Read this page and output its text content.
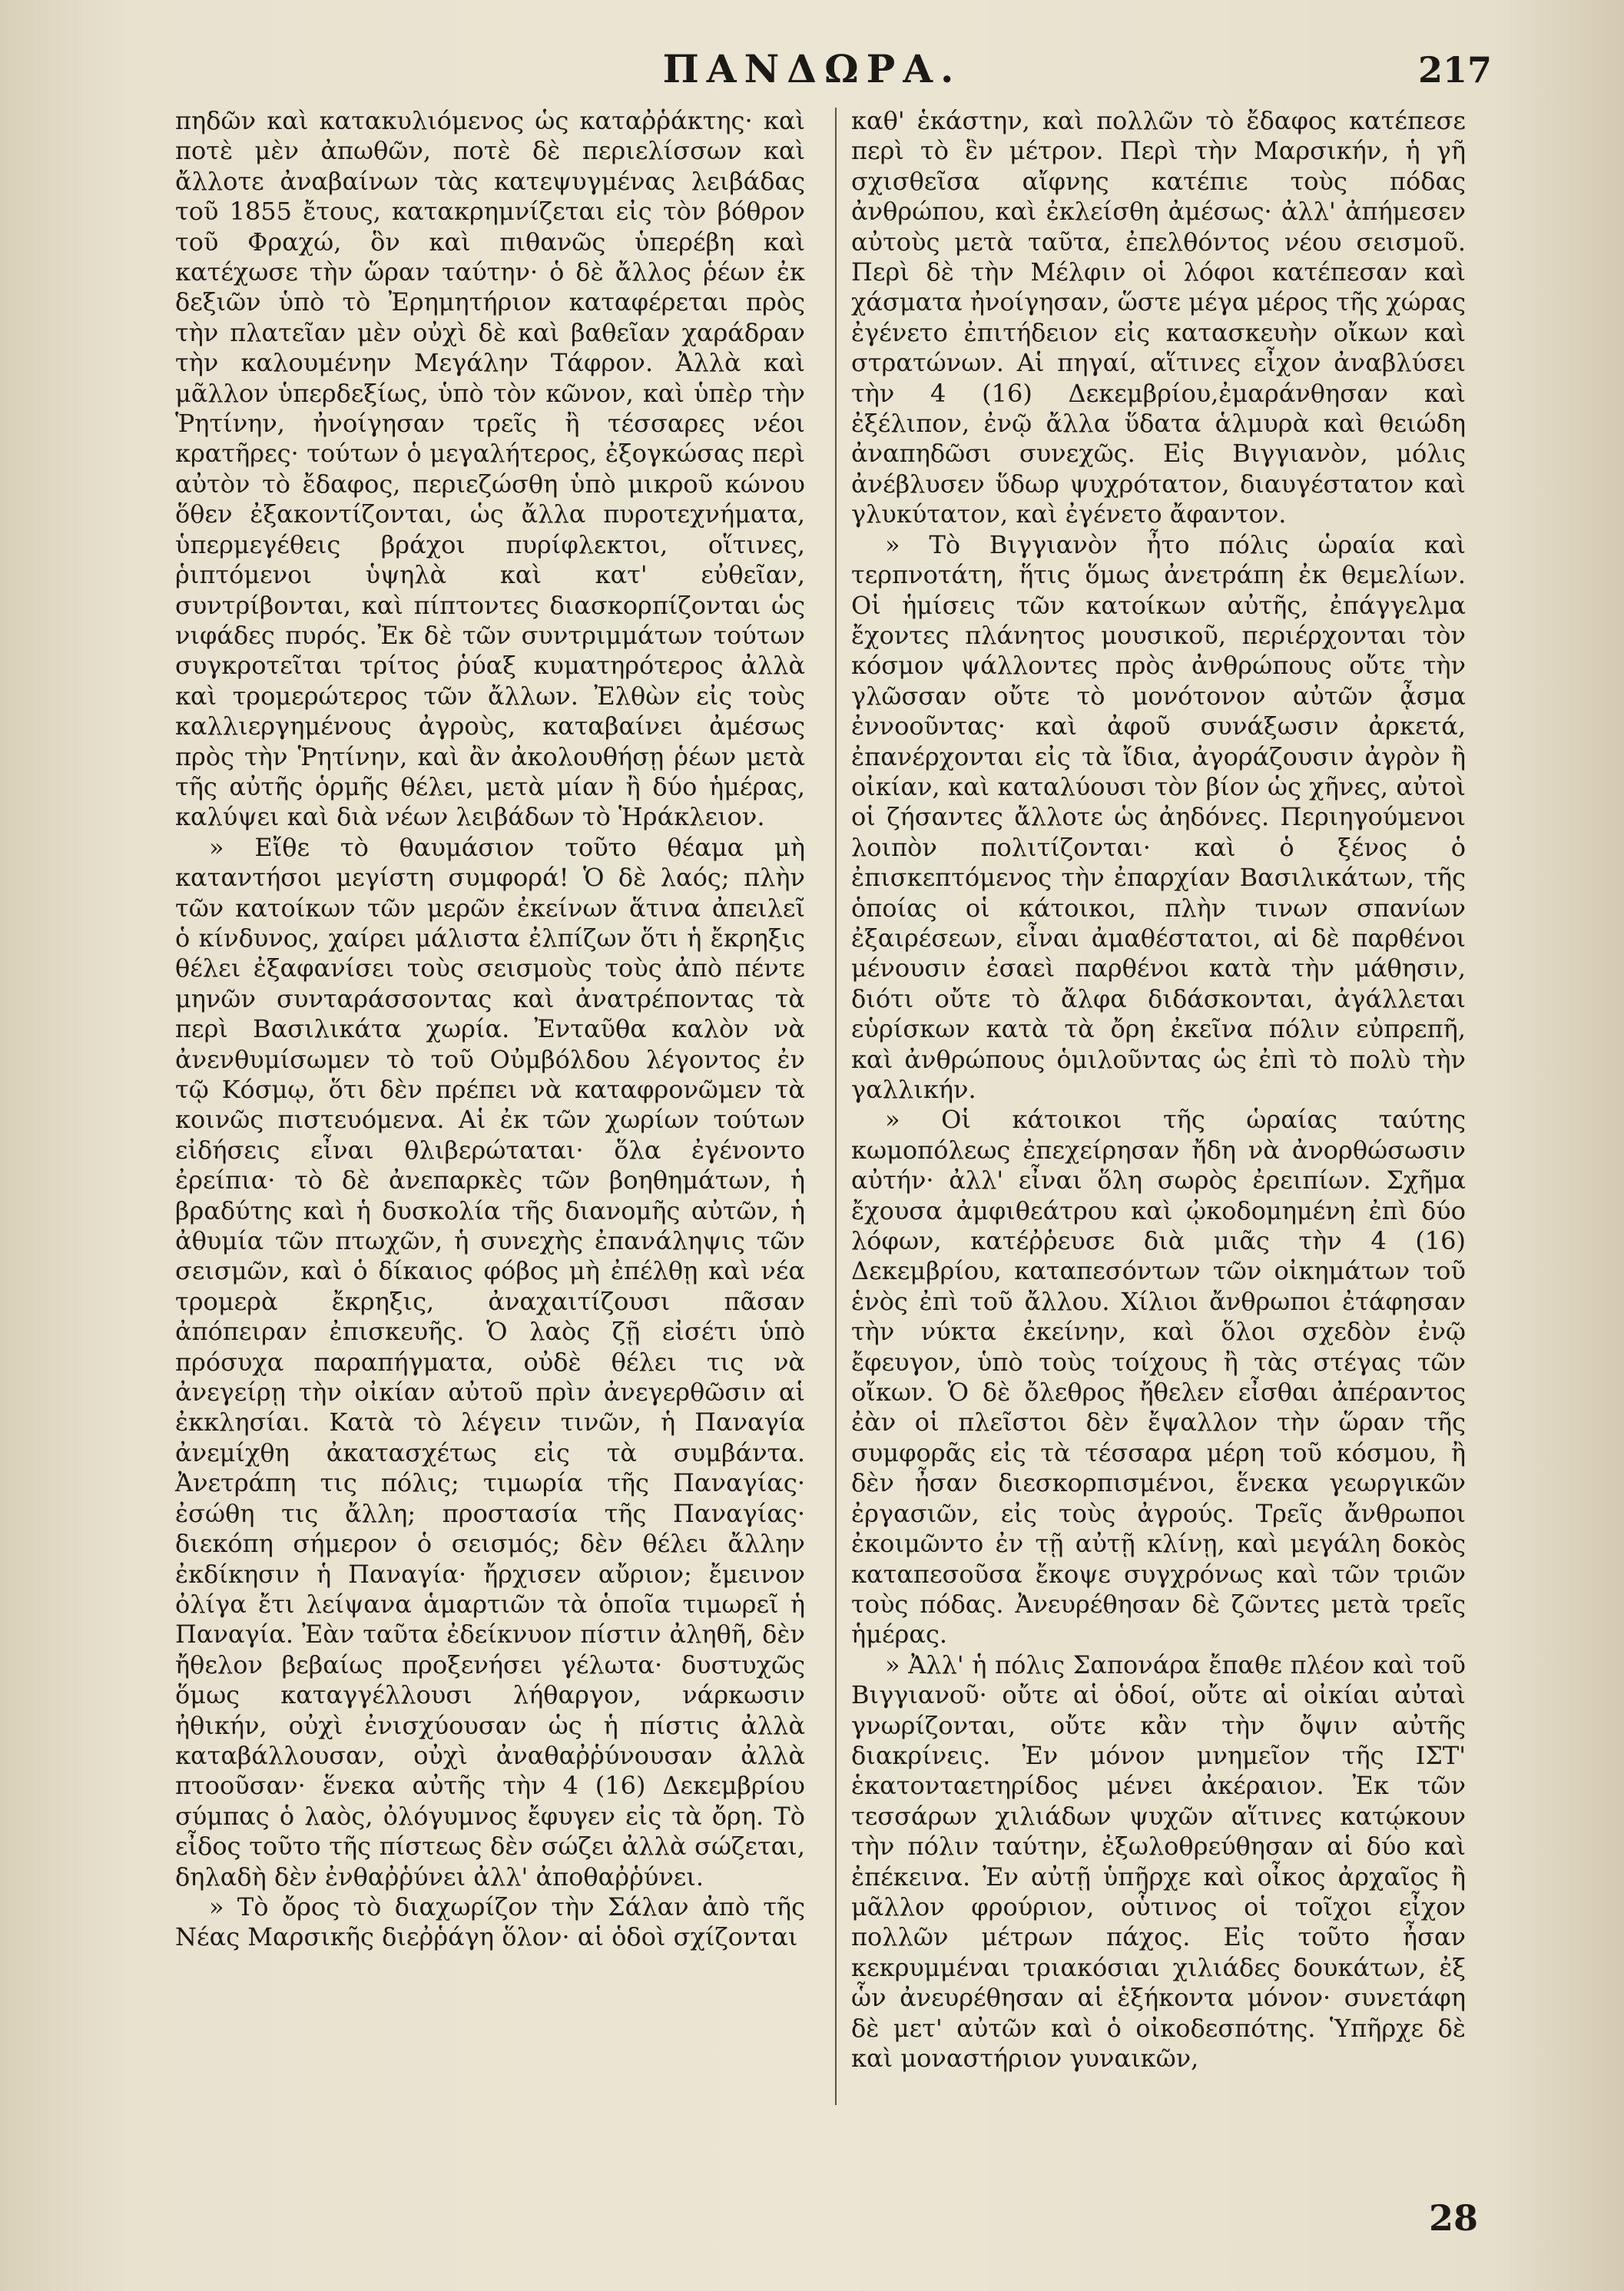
ΠΑΝΔΩΡΑ.	217

πηδῶν καὶ κατακυλιόμενος ὡς καταῤῥάκτης· καὶ ποτὲ μὲν ἀπωθῶν, ποτὲ δὲ περιελίσσων καὶ ἄλλοτε ἀναβαίνων τὰς κατεψυγμένας λειβάδας τοῦ 1855 ἔτους, κατακρημνίζεται εἰς τὸν βόθρον τοῦ Φραχώ, ὃν καὶ πιθανῶς ὑπερέβη καὶ κατέχωσε τὴν ὥραν ταύτην· ὁ δὲ ἄλλος ῥέων ἐκ δεξιῶν ὑπὸ τὸ Ἐρημητήριον καταφέρεται πρὸς τὴν πλατεῖαν μὲν οὐχὶ δὲ καὶ βαθεῖαν χαράδραν τὴν καλουμένην Μεγάλην Τάφρον. Ἀλλὰ καὶ μᾶλλον ὑπερδεξίως, ὑπὸ τὸν κῶνον, καὶ ὑπὲρ τὴν Ῥητίνην, ἠνοίγησαν τρεῖς ἢ τέσσαρες νέοι κρατῆρες· τούτων ὁ μεγαλήτερος, ἐξογκώσας περὶ αὐτὸν τὸ ἔδαφος, περιεζώσθη ὑπὸ μικροῦ κώνου ὅθεν ἐξακοντίζονται, ὡς ἄλλα πυροτεχνήματα, ὑπερμεγέθεις βράχοι πυρίφλεκτοι, οἵτινες, ῥιπτόμενοι ὑψηλὰ καὶ κατ' εὐθεῖαν, συντρίβονται, καὶ πίπτοντες διασκορπίζονται ὡς νιφάδες πυρός. Ἐκ δὲ τῶν συντριμμάτων τούτων συγκροτεῖται τρίτος ῥύαξ κυματηρότερος ἀλλὰ καὶ τρομερώτερος τῶν ἄλλων. Ἐλθὼν εἰς τοὺς καλλιεργημένους ἀγροὺς, καταβαίνει ἀμέσως πρὸς τὴν Ῥητίνην, καὶ ἂν ἀκολουθήσῃ ῥέων μετὰ τῆς αὐτῆς ὁρμῆς θέλει, μετὰ μίαν ἢ δύο ἡμέρας, καλύψει καὶ διὰ νέων λειβάδων τὸ Ἡράκλειον.

» Εἴθε τὸ θαυμάσιον τοῦτο θέαμα μὴ καταντήσοι μεγίστη συμφορά! Ὁ δὲ λαός; πλὴν τῶν κατοίκων τῶν μερῶν ἐκείνων ἅτινα ἀπειλεῖ ὁ κίνδυνος, χαίρει μάλιστα ἐλπίζων ὅτι ἡ ἔκρηξις θέλει ἐξαφανίσει τοὺς σεισμοὺς τοὺς ἀπὸ πέντε μηνῶν συνταράσσοντας καὶ ἀνατρέποντας τὰ περὶ Βασιλικάτα χωρία. Ἐνταῦθα καλὸν νὰ ἀνενθυμίσωμεν τὸ τοῦ Οὐμβόλδου λέγοντος ἐν τῷ Κόσμῳ, ὅτι δὲν πρέπει νὰ καταφρονῶμεν τὰ κοινῶς πιστευόμενα. Αἱ ἐκ τῶν χωρίων τούτων εἰδήσεις εἶναι θλιβερώταται· ὅλα ἐγένοντο ἐρείπια· τὸ δὲ ἀνεπαρκὲς τῶν βοηθημάτων, ἡ βραδύτης καὶ ἡ δυσκολία τῆς διανομῆς αὐτῶν, ἡ ἀθυμία τῶν πτωχῶν, ἡ συνεχὴς ἐπανάληψις τῶν σεισμῶν, καὶ ὁ δίκαιος φόβος μὴ ἐπέλθῃ καὶ νέα τρομερὰ ἔκρηξις, ἀναχαιτίζουσι πᾶσαν ἀπόπειραν ἐπισκευῆς. Ὁ λαὸς ζῇ εἰσέτι ὑπὸ πρόσυχα παραπήγματα, οὐδὲ θέλει τις νὰ ἀνεγείρῃ τὴν οἰκίαν αὐτοῦ πρὶν ἀνεγερθῶσιν αἱ ἐκκλησίαι. Κατὰ τὸ λέγειν τινῶν, ἡ Παναγία ἀνεμίχθη ἀκατασχέτως εἰς τὰ συμβάντα. Ἀνετράπη τις πόλις; τιμωρία τῆς Παναγίας· ἐσώθη τις ἄλλη; προστασία τῆς Παναγίας· διεκόπη σήμερον ὁ σεισμός; δὲν θέλει ἄλλην ἐκδίκησιν ἡ Παναγία· ἤρχισεν αὔριον; ἔμεινον ὀλίγα ἔτι λείψανα ἁμαρτιῶν τὰ ὁποῖα τιμωρεῖ ἡ Παναγία. Ἐὰν ταῦτα ἐδείκνυον πίστιν ἀληθῆ, δὲν ἤθελον βεβαίως προξενήσει γέλωτα· δυστυχῶς ὅμως καταγγέλλουσι λήθαργον, νάρκωσιν ἠθικήν, οὐχὶ ἐνισχύουσαν ὡς ἡ πίστις ἀλλὰ καταβάλλουσαν, οὐχὶ ἀναθαῤῥύνουσαν ἀλλὰ πτοοῦσαν· ἕνεκα αὐτῆς τὴν 4 (16) Δεκεμβρίου σύμπας ὁ λαὸς, ὀλόγυμνος ἔφυγεν εἰς τὰ ὄρη. Τὸ εἶδος τοῦτο τῆς πίστεως δὲν σώζει ἀλλὰ σώζεται, δηλαδὴ δὲν ἐνθαῤῥύνει ἀλλ' ἀποθαῤῥύνει.

» Τὸ ὄρος τὸ διαχωρίζον τὴν Σάλαν ἀπὸ τῆς Νέας Μαρσικῆς διεῤῥάγη ὅλον· αἱ ὁδοὶ σχίζονται

καθ' ἑκάστην, καὶ πολλῶν τὸ ἔδαφος κατέπεσε περὶ τὸ ἓν μέτρον. Περὶ τὴν Μαρσικήν, ἡ γῆ σχισθεῖσα αἴφνης κατέπιε τοὺς πόδας ἀνθρώπου, καὶ ἐκλείσθη ἀμέσως· ἀλλ' ἀπήμεσεν αὐτοὺς μετὰ ταῦτα, ἐπελθόντος νέου σεισμοῦ. Περὶ δὲ τὴν Μέλφιν οἱ λόφοι κατέπεσαν καὶ χάσματα ἠνοίγησαν, ὥστε μέγα μέρος τῆς χώρας ἐγένετο ἐπιτήδειον εἰς κατασκευὴν οἴκων καὶ στρατώνων. Αἱ πηγαί, αἵτινες εἶχον ἀναβλύσει τὴν 4 (16) Δεκεμβρίου,ἐμαράνθησαν καὶ ἐξέλιπον, ἐνῷ ἄλλα ὕδατα ἁλμυρὰ καὶ θειώδη ἀναπηδῶσι συνεχῶς. Εἰς Βιγγιανὸν, μόλις ἀνέβλυσεν ὕδωρ ψυχρότατον, διαυγέστατον καὶ γλυκύτατον, καὶ ἐγένετο ἄφαντον.

» Τὸ Βιγγιανὸν ἦτο πόλις ὡραία καὶ τερπνοτάτη, ἥτις ὅμως ἀνετράπη ἐκ θεμελίων. Οἱ ἡμίσεις τῶν κατοίκων αὐτῆς, ἐπάγγελμα ἔχοντες πλάνητος μουσικοῦ, περιέρχονται τὸν κόσμον ψάλλοντες πρὸς ἀνθρώπους οὔτε τὴν γλῶσσαν οὔτε τὸ μονότονον αὐτῶν ᾆσμα ἐννοοῦντας· καὶ ἀφοῦ συνάξωσιν ἀρκετά, ἐπανέρχονται εἰς τὰ ἴδια, ἀγοράζουσιν ἀγρὸν ἢ οἰκίαν, καὶ καταλύουσι τὸν βίον ὡς χῆνες, αὐτοὶ οἱ ζήσαντες ἄλλοτε ὡς ἀηδόνες. Περιηγούμενοι λοιπὸν πολιτίζονται· καὶ ὁ ξένος ὁ ἐπισκεπτόμενος τὴν ἐπαρχίαν Βασιλικάτων, τῆς ὁποίας οἱ κάτοικοι, πλὴν τινων σπανίων ἐξαιρέσεων, εἶναι ἀμαθέστατοι, αἱ δὲ παρθένοι μένουσιν ἐσαεὶ παρθένοι κατὰ τὴν μάθησιν, διότι οὔτε τὸ ἄλφα διδάσκονται, ἀγάλλεται εὑρίσκων κατὰ τὰ ὄρη ἐκεῖνα πόλιν εὐπρεπῆ, καὶ ἀνθρώπους ὁμιλοῦντας ὡς ἐπὶ τὸ πολὺ τὴν γαλλικήν.

» Οἱ κάτοικοι τῆς ὡραίας ταύτης κωμοπόλεως ἐπεχείρησαν ἤδη νὰ ἀνορθώσωσιν αὐτήν· ἀλλ' εἶναι ὅλη σωρὸς ἐρειπίων. Σχῆμα ἔχουσα ἀμφιθεάτρου καὶ ᾠκοδομημένη ἐπὶ δύο λόφων, κατέῤῥευσε διὰ μιᾶς τὴν 4 (16) Δεκεμβρίου, καταπεσόντων τῶν οἰκημάτων τοῦ ἑνὸς ἐπὶ τοῦ ἄλλου. Χίλιοι ἄνθρωποι ἐτάφησαν τὴν νύκτα ἐκείνην, καὶ ὅλοι σχεδὸν ἐνῷ ἔφευγον, ὑπὸ τοὺς τοίχους ἢ τὰς στέγας τῶν οἴκων. Ὁ δὲ ὄλεθρος ἤθελεν εἶσθαι ἀπέραντος ἐὰν οἱ πλεῖστοι δὲν ἔψαλλον τὴν ὥραν τῆς συμφορᾶς εἰς τὰ τέσσαρα μέρη τοῦ κόσμου, ἢ δὲν ἦσαν διεσκορπισμένοι, ἕνεκα γεωργικῶν ἐργασιῶν, εἰς τοὺς ἀγρούς. Τρεῖς ἄνθρωποι ἐκοιμῶντο ἐν τῇ αὐτῇ κλίνῃ, καὶ μεγάλη δοκὸς καταπεσοῦσα ἔκοψε συγχρόνως καὶ τῶν τριῶν τοὺς πόδας. Ἀνευρέθησαν δὲ ζῶντες μετὰ τρεῖς ἡμέρας.

» Ἀλλ' ἡ πόλις Σαπονάρα ἔπαθε πλέον καὶ τοῦ Βιγγιανοῦ· οὔτε αἱ ὁδοί, οὔτε αἱ οἰκίαι αὐταὶ γνωρίζονται, οὔτε κἂν τὴν ὄψιν αὐτῆς διακρίνεις. Ἐν μόνον μνημεῖον τῆς ΙΣΤ' ἑκατονταετηρίδος μένει ἀκέραιον. Ἐκ τῶν τεσσάρων χιλιάδων ψυχῶν αἵτινες κατῴκουν τὴν πόλιν ταύτην, ἐξωλοθρεύθησαν αἱ δύο καὶ ἐπέκεινα. Ἐν αὐτῇ ὑπῆρχε καὶ οἶκος ἀρχαῖος ἢ μᾶλλον φρούριον, οὗτινος οἱ τοῖχοι εἶχον πολλῶν μέτρων πάχος. Εἰς τοῦτο ἦσαν κεκρυμμέναι τριακόσιαι χιλιάδες δουκάτων, ἐξ ὧν ἀνευρέθησαν αἱ ἑξήκοντα μόνον· συνετάφη δὲ μετ' αὐτῶν καὶ ὁ οἰκοδεσπότης. Ὑπῆρχε δὲ καὶ μοναστήριον γυναικῶν,

28
